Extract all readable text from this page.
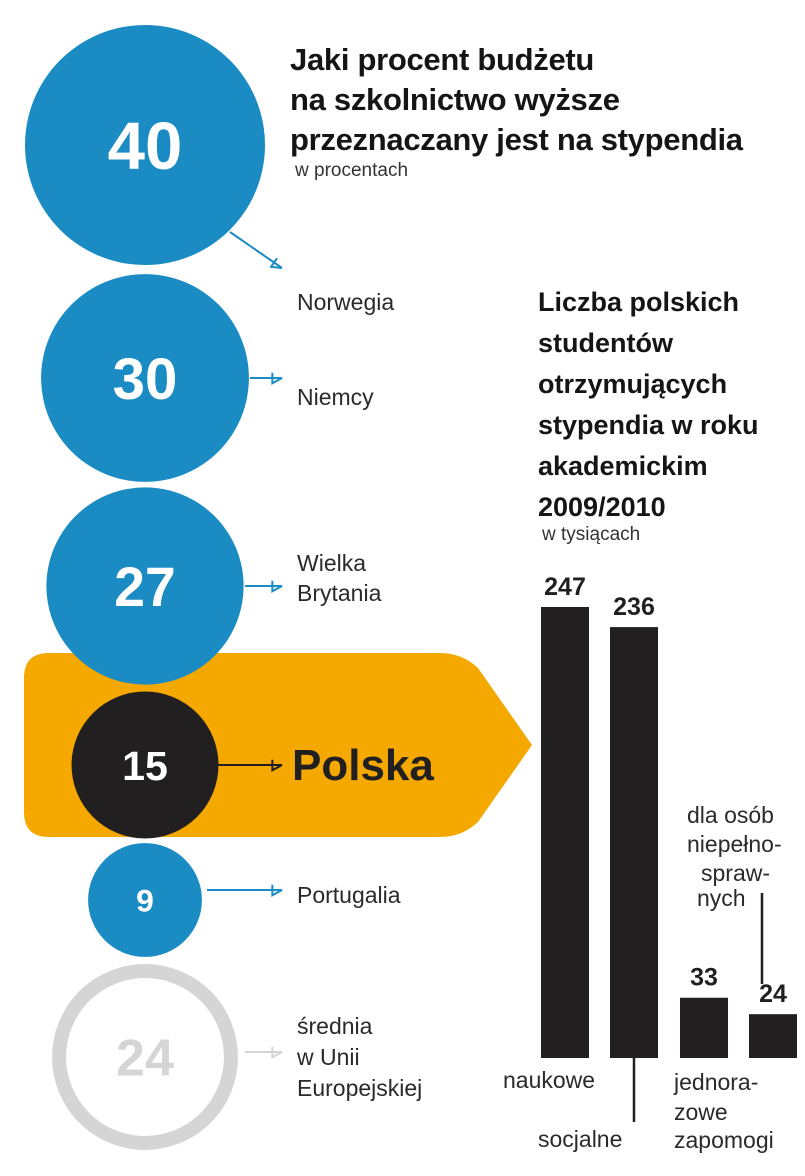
Jaki procent budżetu
na szkolnictwo wyższe
przeznaczany jest na stypendia
w procentach
Liczba polskich
studentów
otrzymujących
stypendia w roku
akademickim
2009/2010
w tysiącach
40
Norwegia
30	Niemcy
27	Wielka
Brytania
15	Polska
9	Portugalia
24
średnia
w Unii
Europejskiej
247
236
33
24
naukowe
socjalne
jednora-
zowe
zapomogi
dla osób
niepełno-
spraw-
nych
